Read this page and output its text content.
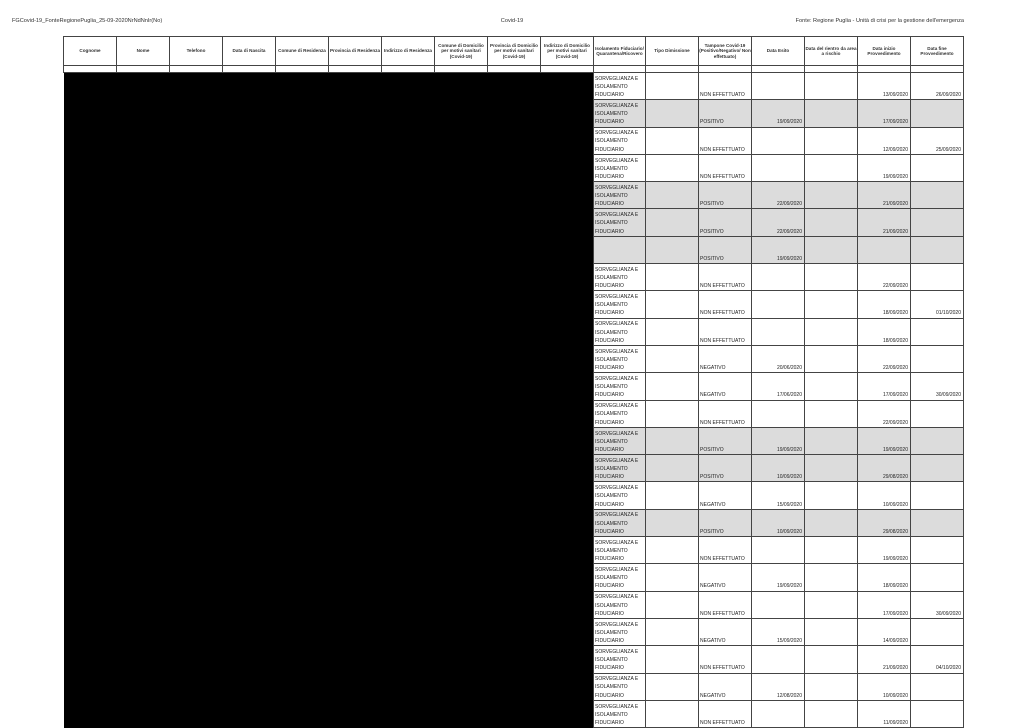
FGCovid-19_FonteRegionePuglia_25-09-2020NrNdNnIr(No)	Covid-19	Fonte: Regione Puglia - Unità di crisi per la gestione dell'emergenza
Cognome	Nome	Telefono	Data di Nascita	Comune di Residenza	Provincia di Residenza	Indirizzo di Residenza	Comune di Domicilio per motivi sanitari (Covid-19)	Provincia di Domicilio per motivi sanitari (Covid-19)	Indirizzo di Domicilio per motivi sanitari (Covid-19)	Isolamento Fiduciario/ Quarantena/Ricovero	Tipo Dimissione	Tampone Covid-19 (Positivo/Negativo/ Non effettuato)	Data Esito	Data del rientro da area a rischio	Data inizio Provvedimento	Data fine Provvedimento

										SORVEGLIANZA E
ISOLAMENTO
FIDUCIARIO		NON EFFETTUATO			13/09/2020	26/09/2020
										SORVEGLIANZA E
ISOLAMENTO
FIDUCIARIO		POSITIVO	19/09/2020		17/09/2020	
										SORVEGLIANZA E
ISOLAMENTO
FIDUCIARIO		NON EFFETTUATO			12/09/2020	25/09/2020
										SORVEGLIANZA E
ISOLAMENTO
FIDUCIARIO		NON EFFETTUATO			19/09/2020	
										SORVEGLIANZA E
ISOLAMENTO
FIDUCIARIO		POSITIVO	22/09/2020		21/09/2020	
										SORVEGLIANZA E
ISOLAMENTO
FIDUCIARIO		POSITIVO	22/09/2020		21/09/2020	
												POSITIVO	19/09/2020			
										SORVEGLIANZA E
ISOLAMENTO
FIDUCIARIO		NON EFFETTUATO			22/09/2020	
										SORVEGLIANZA E
ISOLAMENTO
FIDUCIARIO		NON EFFETTUATO			18/09/2020	01/10/2020
										SORVEGLIANZA E
ISOLAMENTO
FIDUCIARIO		NON EFFETTUATO			18/09/2020	
										SORVEGLIANZA E
ISOLAMENTO
FIDUCIARIO		NEGATIVO	20/06/2020		22/09/2020	
										SORVEGLIANZA E
ISOLAMENTO
FIDUCIARIO		NEGATIVO	17/06/2020		17/09/2020	30/09/2020
										SORVEGLIANZA E
ISOLAMENTO
FIDUCIARIO		NON EFFETTUATO			22/09/2020	
										SORVEGLIANZA E
ISOLAMENTO
FIDUCIARIO		POSITIVO	19/09/2020		19/09/2020	
										SORVEGLIANZA E
ISOLAMENTO
FIDUCIARIO		POSITIVO	10/09/2020		29/08/2020	
										SORVEGLIANZA E
ISOLAMENTO
FIDUCIARIO		NEGATIVO	15/09/2020		10/09/2020	
										SORVEGLIANZA E
ISOLAMENTO
FIDUCIARIO		POSITIVO	10/09/2020		29/08/2020	
										SORVEGLIANZA E
ISOLAMENTO
FIDUCIARIO		NON EFFETTUATO			19/09/2020	
										SORVEGLIANZA E
ISOLAMENTO
FIDUCIARIO		NEGATIVO	19/09/2020		18/09/2020	
										SORVEGLIANZA E
ISOLAMENTO
FIDUCIARIO		NON EFFETTUATO			17/09/2020	30/09/2020
										SORVEGLIANZA E
ISOLAMENTO
FIDUCIARIO		NEGATIVO	15/09/2020		14/09/2020	
										SORVEGLIANZA E
ISOLAMENTO
FIDUCIARIO		NON EFFETTUATO			21/09/2020	04/10/2020
										SORVEGLIANZA E
ISOLAMENTO
FIDUCIARIO		NEGATIVO	12/08/2020		10/09/2020	
										SORVEGLIANZA E
ISOLAMENTO
FIDUCIARIO		NON EFFETTUATO			11/09/2020	
